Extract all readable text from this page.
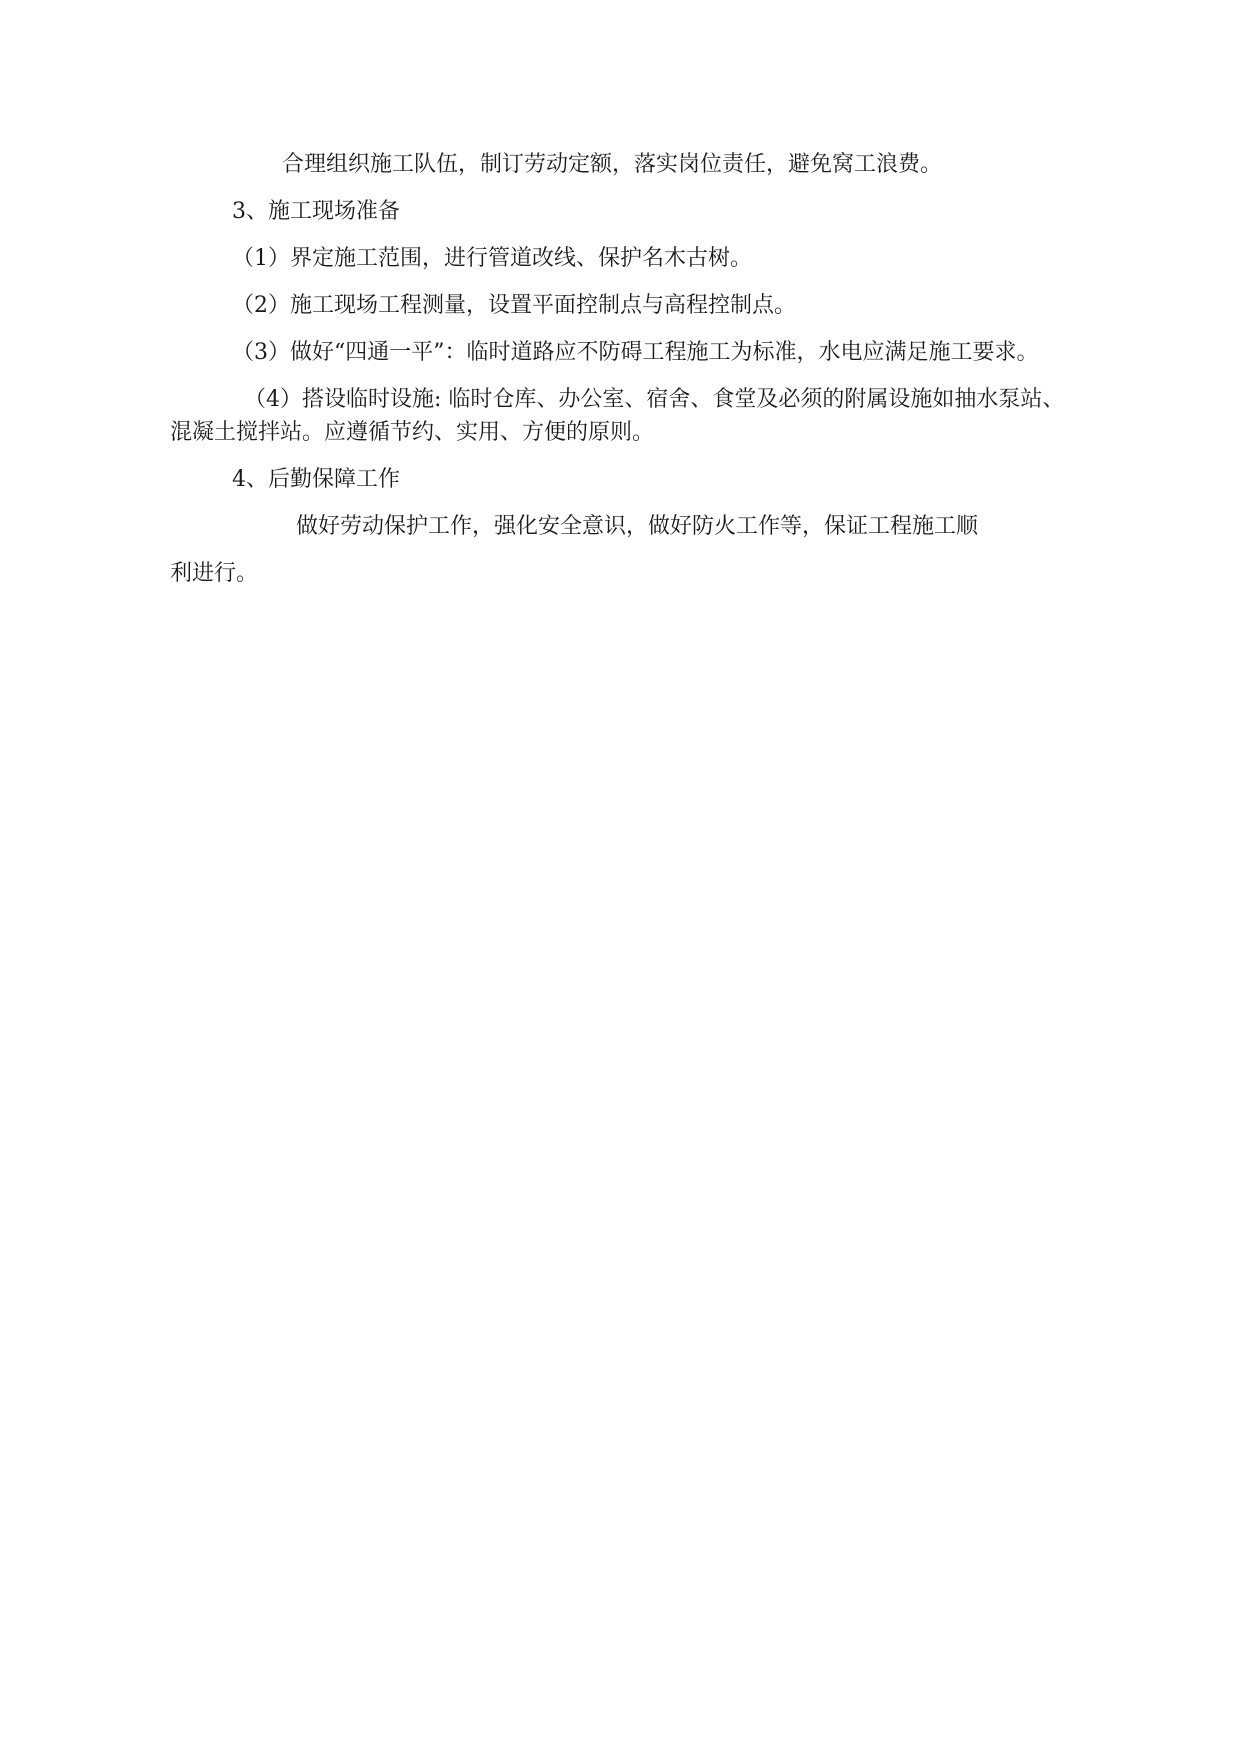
合理组织施工队伍，制订劳动定额，落实岗位责任，避免窝工浪费。

3、施工现场准备

（1）界定施工范围，进行管道改线、保护名木古树。

（2）施工现场工程测量，设置平面控制点与高程控制点。

（3）做好“四通一平”：临时道路应不防碍工程施工为标准，水电应满足施工要求。

（4）搭设临时设施: 临时仓库、办公室、宿舍、食堂及必须的附属设施如抽水泵站、

混凝土搅拌站。应遵循节约、实用、方便的原则。

4、后勤保障工作

做好劳动保护工作，强化安全意识，做好防火工作等，保证工程施工顺

利进行。
